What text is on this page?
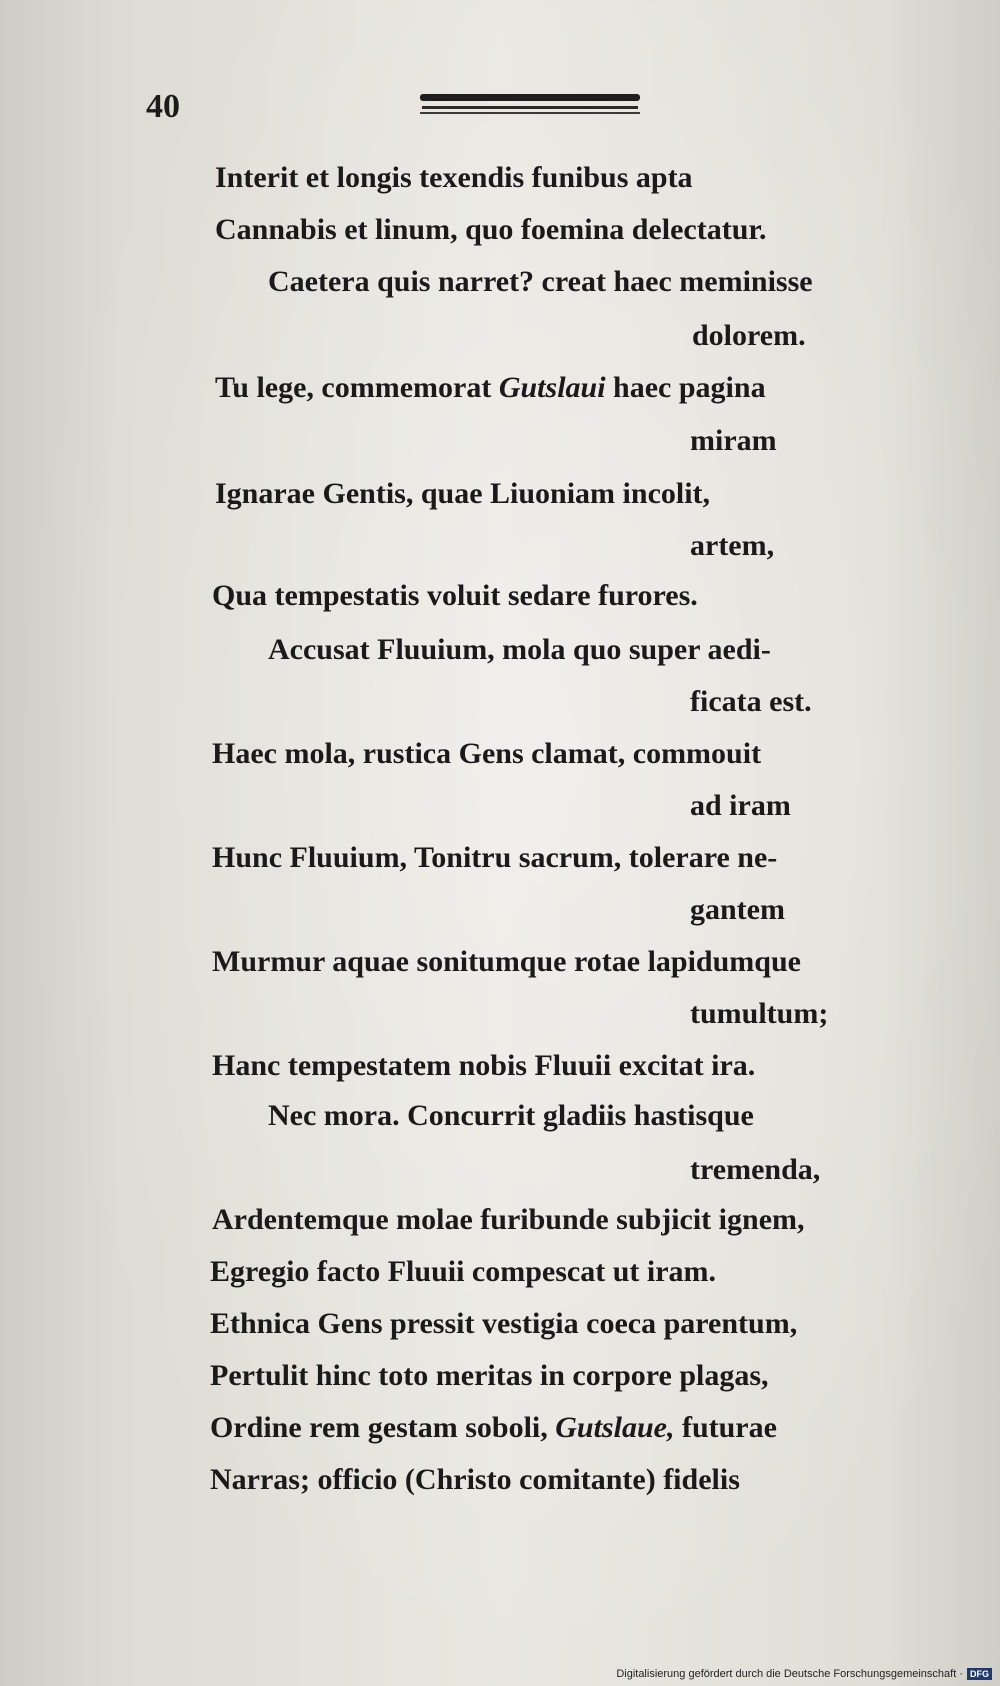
40
Interit et longis texendis funibus apta
Cannabis et linum, quo foemina delectatur.
Caetera quis narret? creat haec meminisse
dolorem.
Tu lege, commemorat Gutslaui haec pagina
miram
Ignarae Gentis, quae Liuoniam incolit,
artem,
Qua tempestatis voluit sedare furores.
Accusat Fluuium, mola quo super aedi-
ficata est.
Haec mola, rustica Gens clamat, commouit
ad iram
Hunc Fluuium, Tonitru sacrum, tolerare ne-
gantem
Murmur aquae sonitumque rotae lapidumque
tumultum;
Hanc tempestatem nobis Fluuii excitat ira.
Nec mora. Concurrit gladiis hastisque
tremenda,
Ardentemque molae furibunde subjicit ignem,
Egregio facto Fluuii compescat ut iram.
Ethnica Gens pressit vestigia coeca parentum,
Pertulit hinc toto meritas in corpore plagas,
Ordine rem gestam soboli, Gutslaue, futurae
Narras; officio (Christo comitante) fidelis
Digitalisierung gefördert durch die Deutsche Forschungsgemeinschaft · DFG
